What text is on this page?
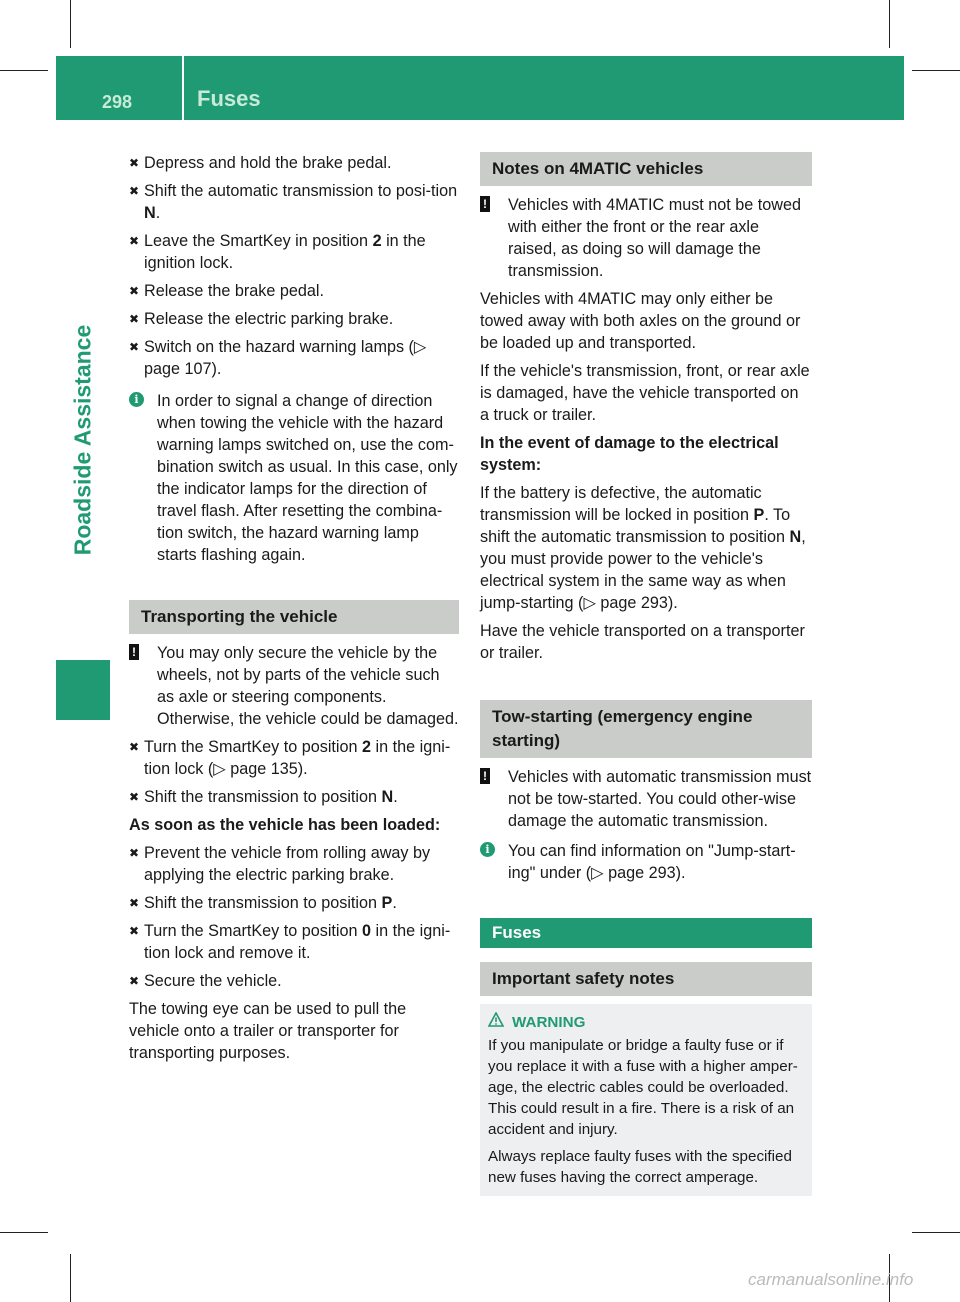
298	Fuses
Roadside Assistance
✖ Depress and hold the brake pedal.
✖ Shift the automatic transmission to posi-tion N.
✖ Leave the SmartKey in position 2 in the ignition lock.
✖ Release the brake pedal.
✖ Release the electric parking brake.
✖ Switch on the hazard warning lamps (▷ page 107).
i	In order to signal a change of direction when towing the vehicle with the hazard warning lamps switched on, use the com-bination switch as usual. In this case, only the indicator lamps for the direction of travel flash. After resetting the combina-tion switch, the hazard warning lamp starts flashing again.
Transporting the vehicle
! You may only secure the vehicle by the wheels, not by parts of the vehicle such as axle or steering components. Otherwise, the vehicle could be damaged.
✖ Turn the SmartKey to position 2 in the igni-tion lock (▷ page 135).
✖ Shift the transmission to position N.
As soon as the vehicle has been loaded:
✖ Prevent the vehicle from rolling away by applying the electric parking brake.
✖ Shift the transmission to position P.
✖ Turn the SmartKey to position 0 in the igni-tion lock and remove it.
✖ Secure the vehicle.
The towing eye can be used to pull the vehicle onto a trailer or transporter for transporting purposes.
Notes on 4MATIC vehicles
! Vehicles with 4MATIC must not be towed with either the front or the rear axle raised, as doing so will damage the transmission.
Vehicles with 4MATIC may only either be towed away with both axles on the ground or be loaded up and transported.
If the vehicle's transmission, front, or rear axle is damaged, have the vehicle transported on a truck or trailer.
In the event of damage to the electrical system:
If the battery is defective, the automatic transmission will be locked in position P. To shift the automatic transmission to position N, you must provide power to the vehicle's electrical system in the same way as when jump-starting (▷ page 293).
Have the vehicle transported on a transporter or trailer.
Tow-starting (emergency engine starting)
! Vehicles with automatic transmission must not be tow-started. You could other-wise damage the automatic transmission.
i	You can find information on "Jump-start-ing" under (▷ page 293).
Fuses
Important safety notes
WARNING
If you manipulate or bridge a faulty fuse or if you replace it with a fuse with a higher amper-age, the electric cables could be overloaded. This could result in a fire. There is a risk of an accident and injury.
Always replace faulty fuses with the specified new fuses having the correct amperage.
carmanualsonline.info
